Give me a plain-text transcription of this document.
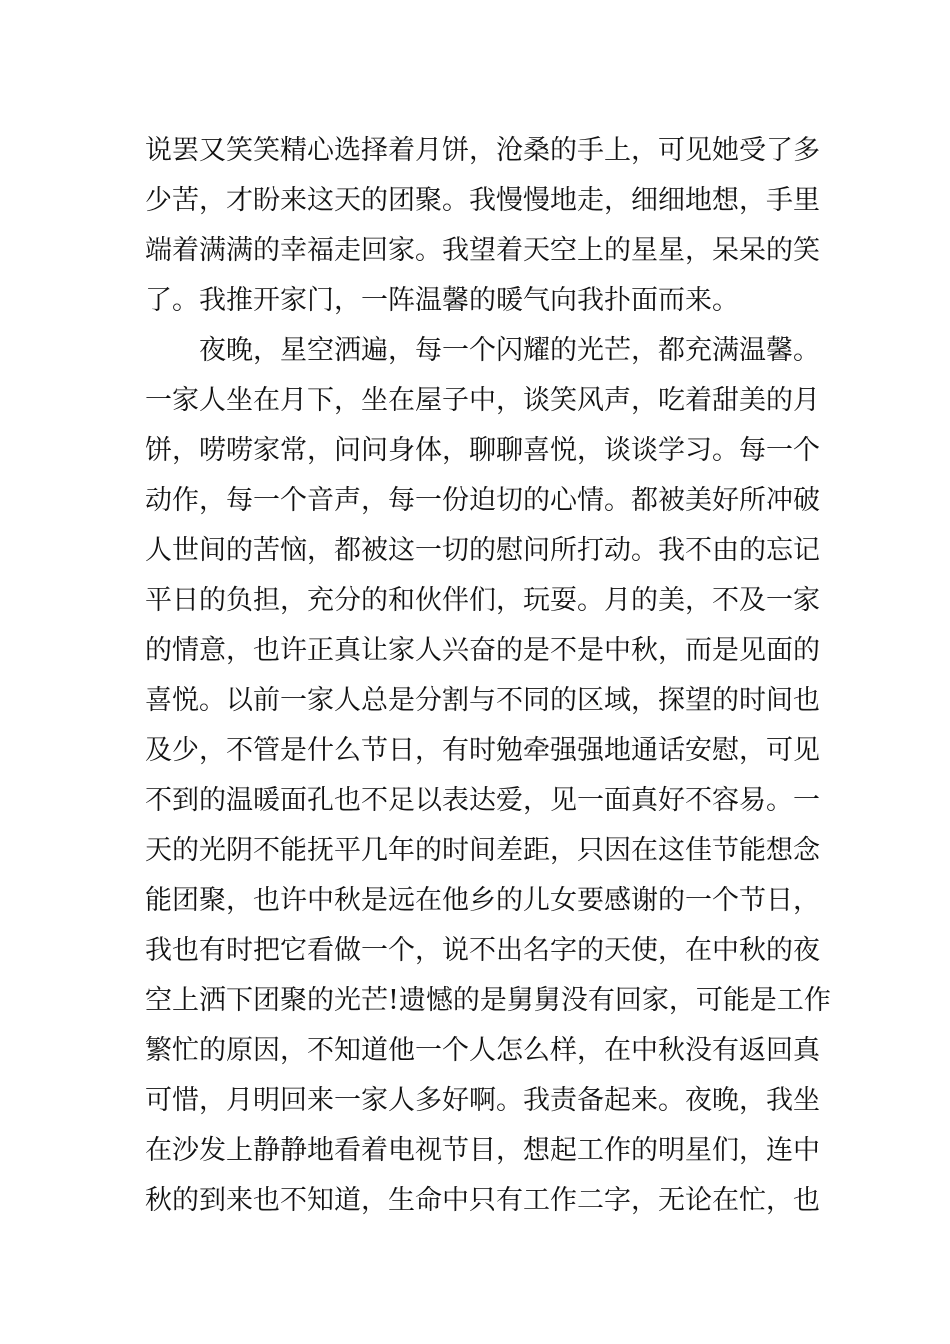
说罢又笑笑精心选择着月饼，沧桑的手上，可见她受了多
少苦，才盼来这天的团聚。我慢慢地走，细细地想，手里
端着满满的幸福走回家。我望着天空上的星星，呆呆的笑
了。我推开家门，一阵温馨的暖气向我扑面而来。
夜晚，星空洒遍，每一个闪耀的光芒，都充满温馨。
一家人坐在月下，坐在屋子中，谈笑风声，吃着甜美的月
饼，唠唠家常，问问身体，聊聊喜悦，谈谈学习。每一个
动作，每一个音声，每一份迫切的心情。都被美好所冲破
人世间的苦恼，都被这一切的慰问所打动。我不由的忘记
平日的负担，充分的和伙伴们，玩耍。月的美，不及一家
的情意，也许正真让家人兴奋的是不是中秋，而是见面的
喜悦。以前一家人总是分割与不同的区域，探望的时间也
及少，不管是什么节日，有时勉牵强强地通话安慰，可见
不到的温暖面孔也不足以表达爱，见一面真好不容易。一
天的光阴不能抚平几年的时间差距，只因在这佳节能想念
能团聚，也许中秋是远在他乡的儿女要感谢的一个节日，
我也有时把它看做一个，说不出名字的天使，在中秋的夜
空上洒下团聚的光芒!遗憾的是舅舅没有回家，可能是工作
繁忙的原因，不知道他一个人怎么样，在中秋没有返回真
可惜，月明回来一家人多好啊。我责备起来。夜晚，我坐
在沙发上静静地看着电视节目，想起工作的明星们，连中
秋的到来也不知道，生命中只有工作二字，无论在忙，也
